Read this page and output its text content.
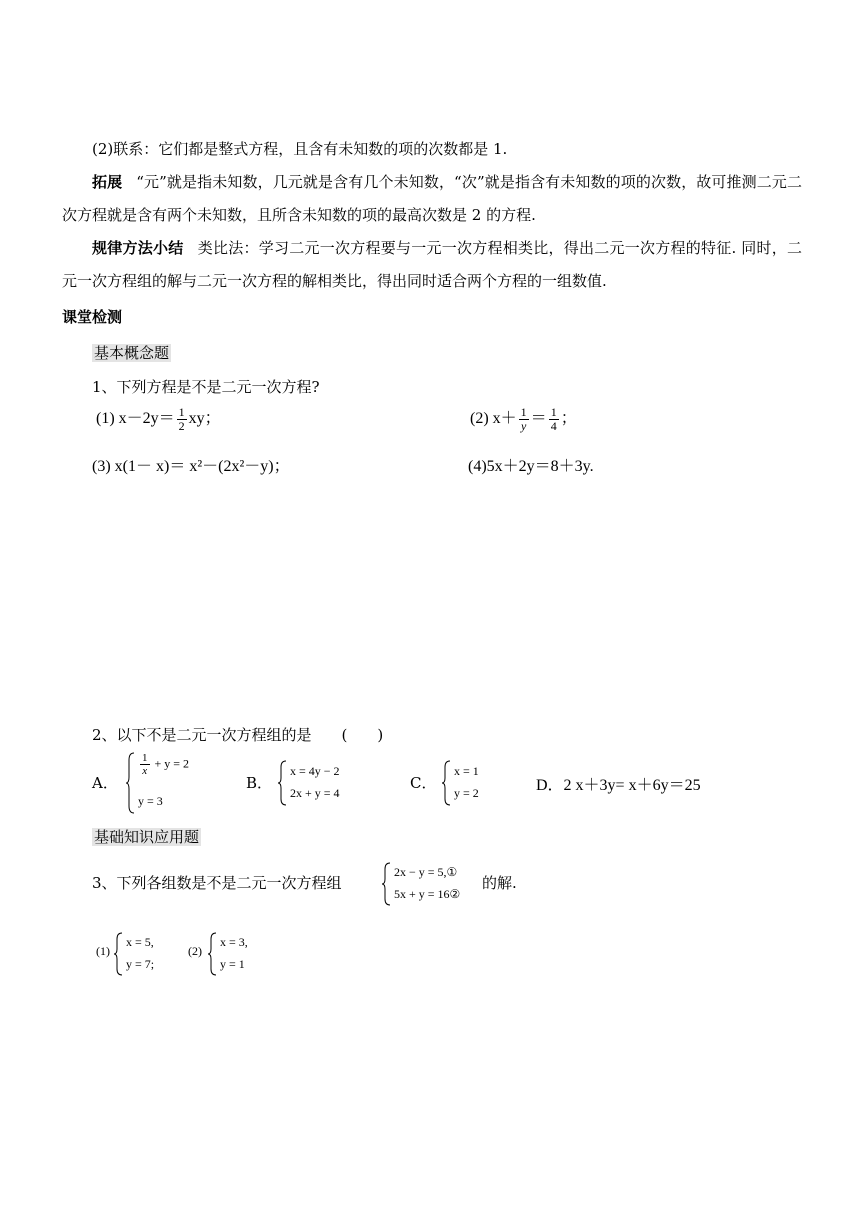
(2)联系：它们都是整式方程，且含有未知数的项的次数都是 1.
拓展 “元”就是指未知数，几元就是含有几个未知数，“次”就是指含有未知数的项的次数，故可推测二元二次方程就是含有两个未知数，且所含未知数的项的最高次数是 2 的方程.
规律方法小结 类比法：学习二元一次方程要与一元一次方程相类比，得出二元一次方程的特征. 同时，二元一次方程组的解与二元一次方程的解相类比，得出同时适合两个方程的一组数值.
课堂检测
基本概念题
1、下列方程是不是二元一次方程?
(1) $x-2y= \frac{1}{2}$ xy；	(2) $x+ \frac{1}{y} = \frac{1}{4}$ ；
(3) x(1－ x)＝ x²－(2x²－y)；	(4)5x＋2y＝8＋3y.
2、以下不是二元一次方程组的是　　(　　)
A．
$\frac{1}{x} + y = 2$
y = 3
B．
x = 4y − 2
2x + y = 4
C．
x = 1
y = 2	D．2 x＋3y= x＋6y＝25
基础知识应用题
3、下列各组数是不是二元一次方程组
2x − y = 5,①
5x + y = 16②
的解.
(1)
x = 5,
y = 7;
(2)
x = 3,
y = 1
